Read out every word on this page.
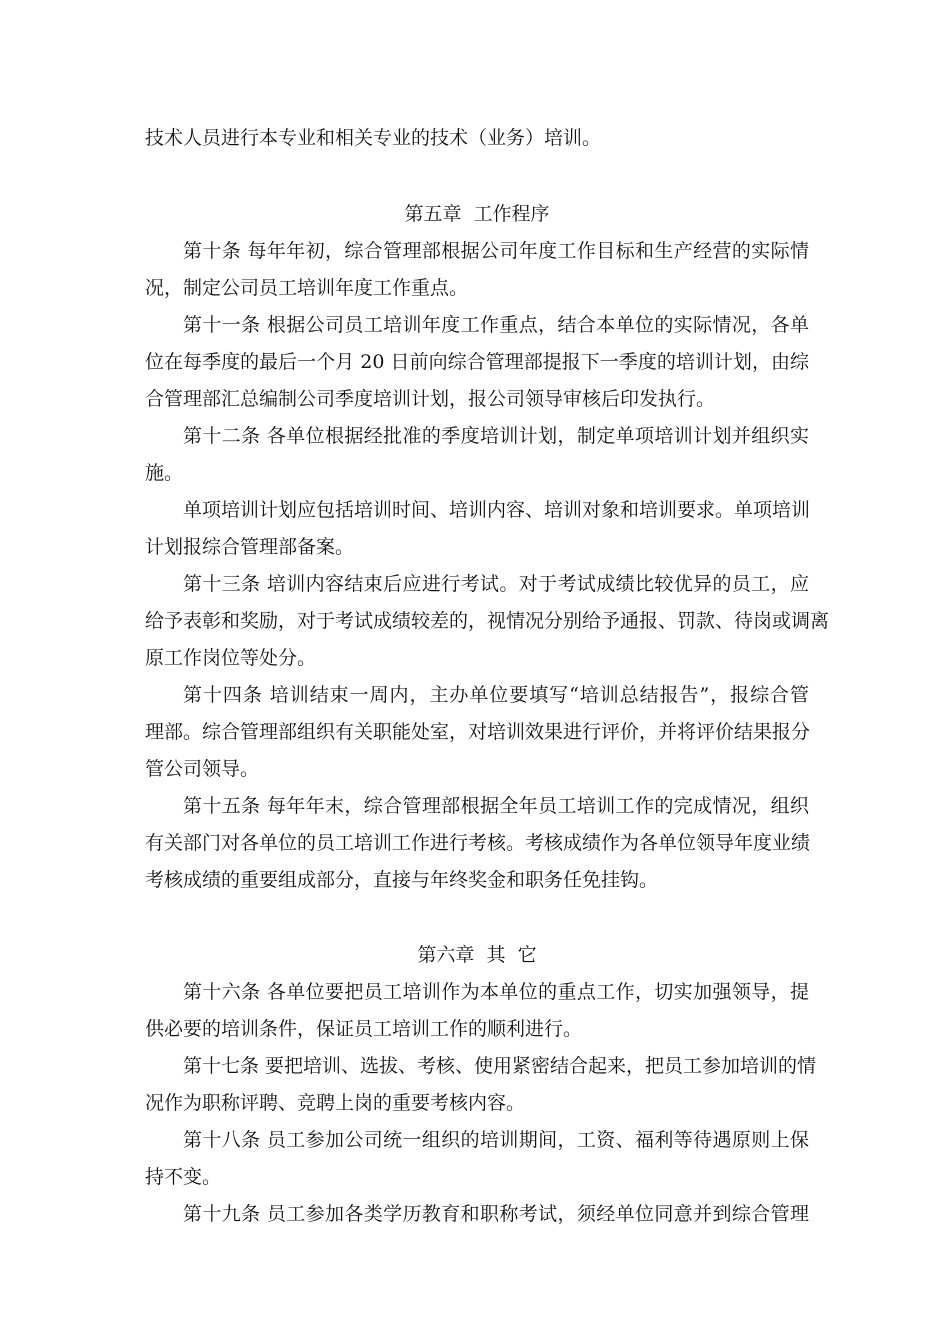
技术人员进行本专业和相关专业的技术（业务）培训。
第五章  工作程序
第十条 每年年初，综合管理部根据公司年度工作目标和生产经营的实际情
况，制定公司员工培训年度工作重点。
第十一条 根据公司员工培训年度工作重点，结合本单位的实际情况，各单
位在每季度的最后一个月 20 日前向综合管理部提报下一季度的培训计划，由综
合管理部汇总编制公司季度培训计划，报公司领导审核后印发执行。
第十二条 各单位根据经批准的季度培训计划，制定单项培训计划并组织实
施。
单项培训计划应包括培训时间、培训内容、培训对象和培训要求。单项培训
计划报综合管理部备案。
第十三条 培训内容结束后应进行考试。对于考试成绩比较优异的员工，应
给予表彰和奖励，对于考试成绩较差的，视情况分别给予通报、罚款、待岗或调离
原工作岗位等处分。
第十四条 培训结束一周内，主办单位要填写“培训总结报告”，报综合管
理部。综合管理部组织有关职能处室，对培训效果进行评价，并将评价结果报分
管公司领导。
第十五条 每年年末，综合管理部根据全年员工培训工作的完成情况，组织
有关部门对各单位的员工培训工作进行考核。考核成绩作为各单位领导年度业绩
考核成绩的重要组成部分，直接与年终奖金和职务任免挂钩。
第六章  其  它
第十六条 各单位要把员工培训作为本单位的重点工作，切实加强领导，提
供必要的培训条件，保证员工培训工作的顺利进行。
第十七条 要把培训、选拔、考核、使用紧密结合起来，把员工参加培训的情
况作为职称评聘、竞聘上岗的重要考核内容。
第十八条 员工参加公司统一组织的培训期间，工资、福利等待遇原则上保
持不变。
第十九条 员工参加各类学历教育和职称考试，须经单位同意并到综合管理
